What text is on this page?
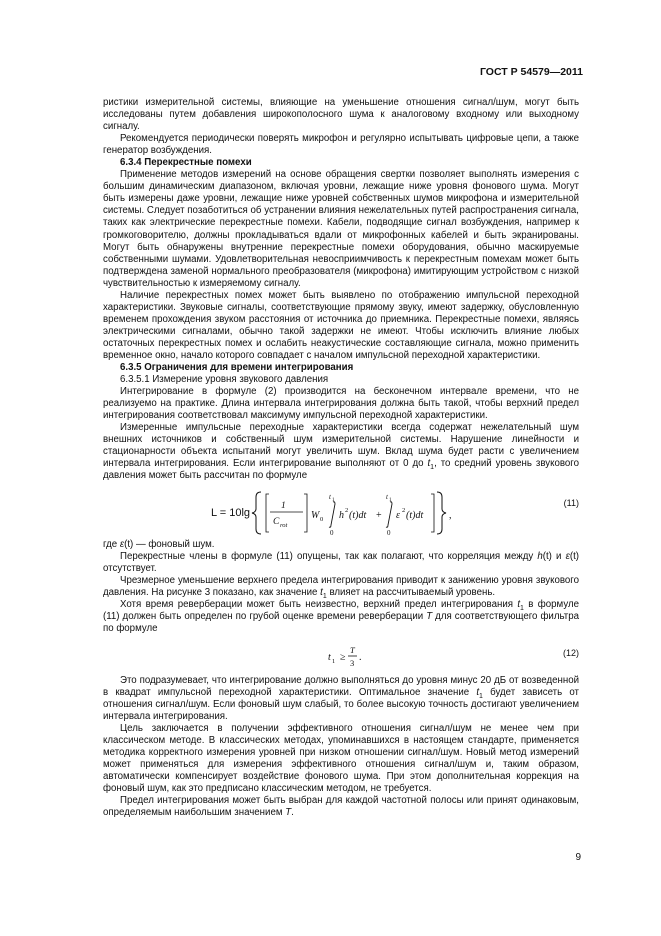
ГОСТ Р 54579—2011

ристики измерительной системы, влияющие на уменьшение отношения сигнал/шум, могут быть исследованы путем добавления широкополосного шума к аналоговому входному или выходному сигналу.

Рекомендуется периодически поверять микрофон и регулярно испытывать цифровые цепи, а также генератор возбуждения.

6.3.4 Перекрестные помехи

Применение методов измерений на основе обращения свертки позволяет выполнять измерения с большим динамическим диапазоном, включая уровни, лежащие ниже уровня фонового шума. Могут быть измерены даже уровни, лежащие ниже уровней собственных шумов микрофона и измерительной системы. Следует позаботиться об устранении влияния нежелательных путей распространения сигнала, таких как электрические перекрестные помехи. Кабели, подводящие сигнал возбуждения, например к громкоговорителю, должны прокладываться вдали от микрофонных кабелей и быть экранированы. Могут быть обнаружены внутренние перекрестные помехи оборудования, обычно маскируемые собственными шумами. Удовлетворительная невосприимчивость к перекрестным помехам может быть подтверждена заменой нормального преобразователя (микрофона) имитирующим устройством с низкой чувствительностью к измеряемому сигналу.

Наличие перекрестных помех может быть выявлено по отображению импульсной переходной характеристики. Звуковые сигналы, соответствующие прямому звуку, имеют задержку, обусловленную временем прохождения звуком расстояния от источника до приемника. Перекрестные помехи, являясь электрическими сигналами, обычно такой задержки не имеют. Чтобы исключить влияние любых остаточных перекрестных помех и ослабить неакустические составляющие сигнала, можно применить временное окно, начало которого совпадает с началом импульсной переходной характеристики.

6.3.5 Ограничения для времени интегрирования

6.3.5.1 Измерение уровня звукового давления

Интегрирование в формуле (2) производится на бесконечном интервале времени, что не реализуемо на практике. Длина интервала интегрирования должна быть такой, чтобы верхний предел интегрирования соответствовал максимуму импульсной переходной характеристики.

Измеренные импульсные переходные характеристики всегда содержат нежелательный шум внешних источников и собственный шум измерительной системы. Нарушение линейности и стационарности объекта испытаний могут увеличить шум. Вклад шума будет расти с увеличением интервала интегрирования. Если интегрирование выполняют от 0 до $t_1$, то средний уровень звукового давления может быть рассчитан по формуле

L = 10lg
1
C rot
W 0
t 1
0
h 2 (t)dt +
t 1
0
ε 2 (t)dt	,
(11)

где ε(t) — фоновый шум.

Перекрестные члены в формуле (11) опущены, так как полагают, что корреляция между h(t) и ε(t) отсутствует.

Чрезмерное уменьшение верхнего предела интегрирования приводит к занижению уровня звукового давления. На рисунке 3 показано, как значение $t_1$ влияет на рассчитываемый уровень.

Хотя время реверберации может быть неизвестно, верхний предел интегрирования $t_1$ в формуле (11) должен быть определен по грубой оценке времени реверберации T для соответствующего фильтра по формуле

t 1 ≥
T
3 .	(12)

Это подразумевает, что интегрирование должно выполняться до уровня минус 20 дБ от возведенной в квадрат импульсной переходной характеристики. Оптимальное значение $t_1$ будет зависеть от отношения сигнал/шум. Если фоновый шум слабый, то более высокую точность достигают увеличением интервала интегрирования.

Цель заключается в получении эффективного отношения сигнал/шум не менее чем при классическом методе. В классических методах, упоминавшихся в настоящем стандарте, применяется методика корректного измерения уровней при низком отношении сигнал/шум. Новый метод измерений может применяться для измерения эффективного отношения сигнал/шум и, таким образом, автоматически компенсирует воздействие фонового шума. При этом дополнительная коррекция на фоновый шум, как это предписано классическим методом, не требуется.

Предел интегрирования может быть выбран для каждой частотной полосы или принят одинаковым, определяемым наибольшим значением T.

9
